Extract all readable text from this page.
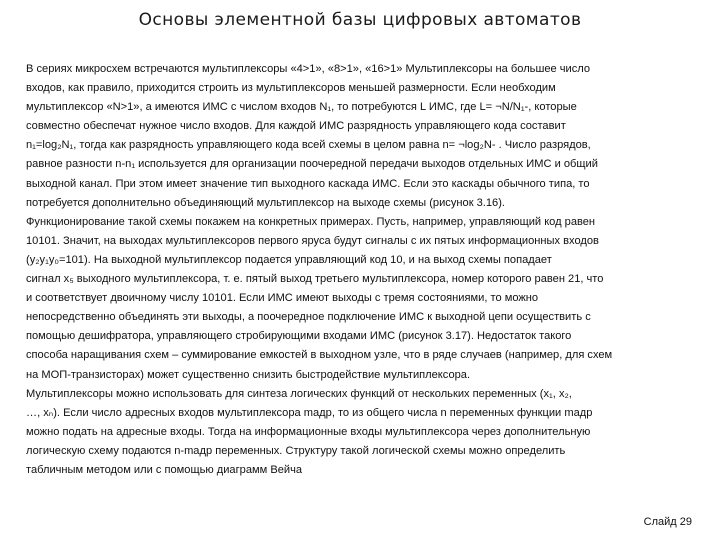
Основы элементной базы цифровых автоматов
В сериях микросхем встречаются мультиплексоры «4>1», «8>1», «16>1» Мультиплексоры на большее число
входов, как правило, приходится строить из мультиплексоров меньшей размерности. Если необходим
мультиплексор «N>1», а имеются ИМС с числом входов N₁, то потребуются L ИМС, где L= ¬N/N₁‐, которые
совместно обеспечат нужное число входов. Для каждой ИМС разрядность управляющего кода составит
n₁=log₂N₁, тогда как разрядность управляющего кода всей схемы в целом равна n= ¬log₂N‐ . Число разрядов,
равное разности n‐n₁ используется для организации поочередной передачи выходов отдельных ИМС и общий
выходной канал. При этом имеет значение тип выходного каскада ИМС. Если это каскады обычного типа, то
потребуется дополнительно объединяющий мультиплексор на выходе схемы (рисунок 3.16).
Функционирование такой схемы покажем на конкретных примерах. Пусть, например, управляющий код равен
10101. Значит, на выходах мультиплексоров первого яруса будут сигналы с их пятых информационных входов
(y₂y₁y₀=101). На выходной мультиплексор подается управляющий код 10, и на выход схемы попадает
сигнал x₅ выходного мультиплексора, т. е. пятый выход третьего мультиплексора, номер которого равен 21, что
и соответствует двоичному числу 10101. Если ИМС имеют выходы с тремя состояниями, то можно
непосредственно объединять эти выходы, а поочередное подключение ИМС к выходной цепи осуществить с
помощью дешифратора, управляющего стробирующими входами ИМС (рисунок 3.17). Недостаток такого
способа наращивания схем – суммирование емкостей в выходном узле, что в ряде случаев (например, для схем
на МОП‐транзисторах) может существенно снизить быстродействие мультиплексора.
Мультиплексоры можно использовать для синтеза логических функций от нескольких переменных (x₁, x₂,
…, xₙ). Если число адресных входов мультиплексора mадр, то из общего числа n переменных функции mадр
можно подать на адресные входы. Тогда на информационные входы мультиплексора через дополнительную
логическую схему подаются n‐mадр переменных. Структуру такой логической схемы можно определить
табличным методом или с помощью диаграмм Вейча
Слайд 29
